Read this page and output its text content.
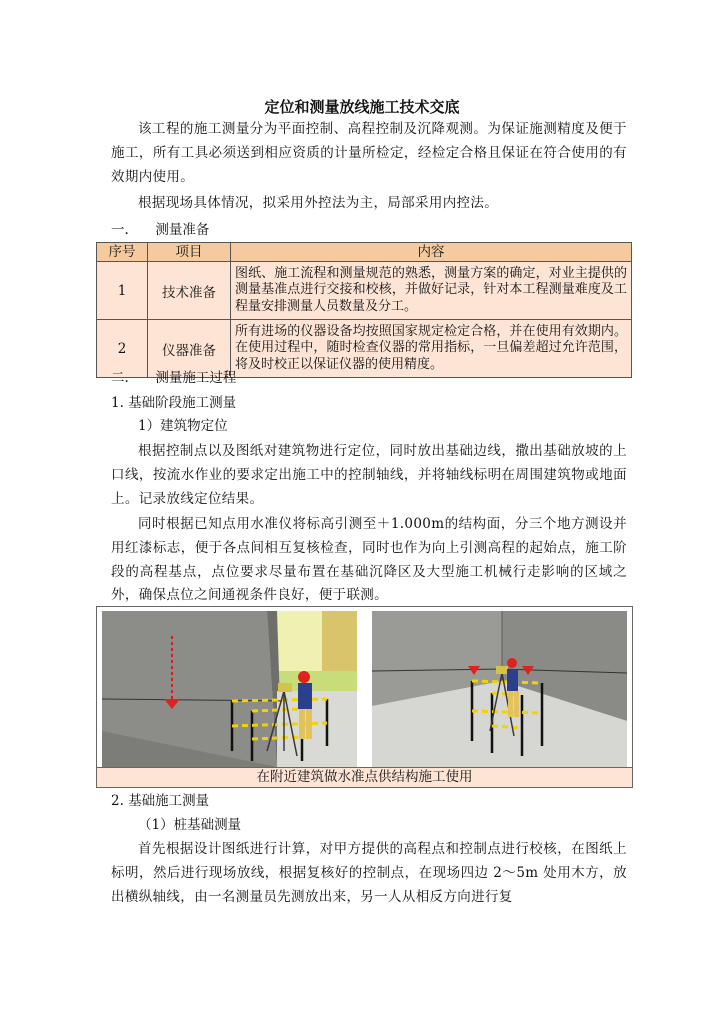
定位和测量放线施工技术交底

该工程的施工测量分为平面控制、高程控制及沉降观测。为保证施测精度及便于施工，所有工具必须送到相应资质的计量所检定，经检定合格且保证在符合使用的有效期内使用。

根据现场具体情况，拟采用外控法为主，局部采用内控法。

一. 测量准备
序号	项目	内容
1	技术准备	图纸、施工流程和测量规范的熟悉，测量方案的确定，对业主提供的测量基准点进行交接和校核，并做好记录，针对本工程测量难度及工程量安排测量人员数量及分工。
2	仪器准备	所有进场的仪器设备均按照国家规定检定合格，并在使用有效期内。在使用过程中，随时检查仪器的常用指标，一旦偏差超过允许范围，将及时校正以保证仪器的使用精度。
二. 测量施工过程
1. 基础阶段施工测量
1）建筑物定位

根据控制点以及图纸对建筑物进行定位，同时放出基础边线，撒出基础放坡的上口线，按流水作业的要求定出施工中的控制轴线，并将轴线标明在周围建筑物或地面上。记录放线定位结果。

同时根据已知点用水准仪将标高引测至＋1.000m的结构面，分三个地方测设并用红漆标志，便于各点间相互复核检查，同时也作为向上引测高程的起始点，施工阶段的高程基点，点位要求尽量布置在基础沉降区及大型施工机械行走影响的区域之外，确保点位之间通视条件良好，便于联测。

在附近建筑做水准点供结构施工使用
2. 基础施工测量
（1）桩基础测量

首先根据设计图纸进行计算，对甲方提供的高程点和控制点进行校核，在图纸上标明，然后进行现场放线，根据复核好的控制点，在现场四边 2～5m 处用木方，放出横纵轴线，由一名测量员先测放出来，另一人从相反方向进行复
